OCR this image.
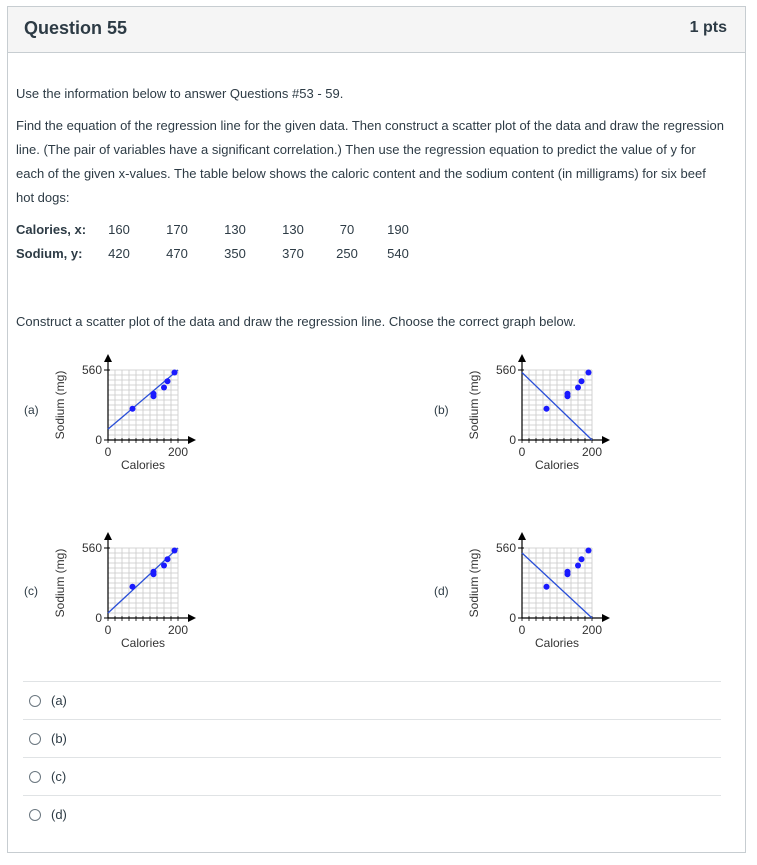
Question 55	1 pts
Use the information below to answer Questions #53 - 59.
Find the equation of the regression line for the given data. Then construct a scatter plot of the data and draw the regression line. (The pair of variables have a significant correlation.) Then use the regression equation to predict the value of y for each of the given x-values. The table below shows the caloric content and the sodium content (in milligrams) for six beef hot dogs:
Calories, x:	160	170	130	130	70	190
Sodium, y:	420	470	350	370	250	540
Construct a scatter plot of the data and draw the regression line. Choose the correct graph below.
(a)	(b)
(c)	(d)
560
0
0	200
Calories
Sodium (mg)
560
0
0	200
Calories
Sodium (mg)
560
0
0	200
Calories
Sodium (mg)
560
0
0	200
Calories
Sodium (mg)
(a)
(b)
(c)
(d)
